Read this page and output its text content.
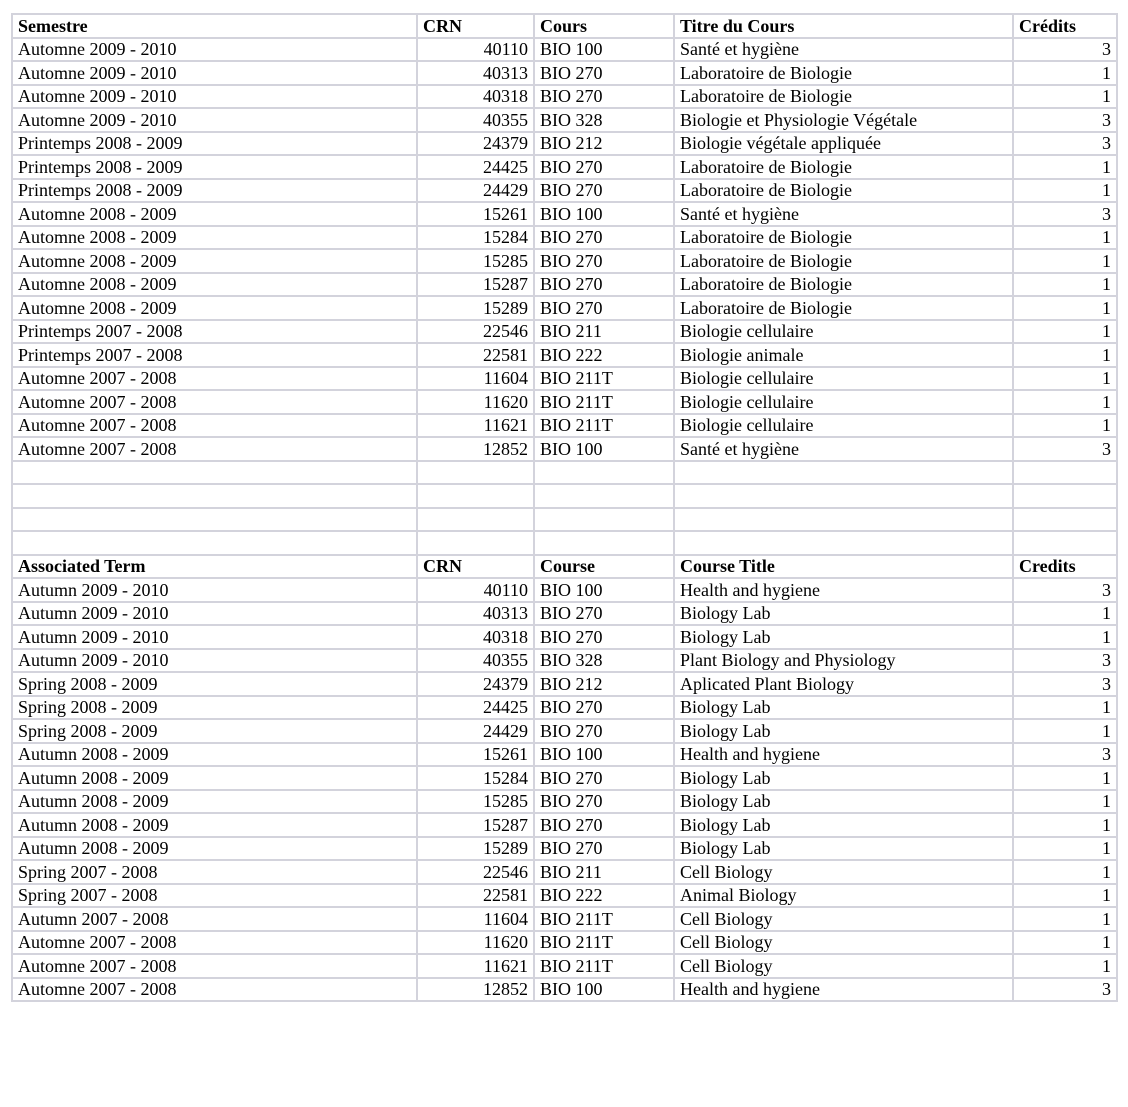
Semestre	CRN	Cours	Titre du Cours	Crédits
Automne 2009 - 2010	40110	BIO 100	Santé et hygiène	3
Automne 2009 - 2010	40313	BIO 270	Laboratoire de Biologie	1
Automne 2009 - 2010	40318	BIO 270	Laboratoire de Biologie	1
Automne 2009 - 2010	40355	BIO 328	Biologie et Physiologie Végétale	3
Printemps 2008 - 2009	24379	BIO 212	Biologie végétale appliquée	3
Printemps 2008 - 2009	24425	BIO 270	Laboratoire de Biologie	1
Printemps 2008 - 2009	24429	BIO 270	Laboratoire de Biologie	1
Automne 2008 - 2009	15261	BIO 100	Santé et hygiène	3
Automne 2008 - 2009	15284	BIO 270	Laboratoire de Biologie	1
Automne 2008 - 2009	15285	BIO 270	Laboratoire de Biologie	1
Automne 2008 - 2009	15287	BIO 270	Laboratoire de Biologie	1
Automne 2008 - 2009	15289	BIO 270	Laboratoire de Biologie	1
Printemps 2007 - 2008	22546	BIO 211	Biologie cellulaire	1
Printemps 2007 - 2008	22581	BIO 222	Biologie animale	1
Automne 2007 - 2008	11604	BIO 211T	Biologie cellulaire	1
Automne 2007 - 2008	11620	BIO 211T	Biologie cellulaire	1
Automne 2007 - 2008	11621	BIO 211T	Biologie cellulaire	1
Automne 2007 - 2008	12852	BIO 100	Santé et hygiène	3

Associated Term	CRN	Course	Course Title	Credits
Autumn 2009 - 2010	40110	BIO 100	Health and hygiene	3
Autumn 2009 - 2010	40313	BIO 270	Biology Lab	1
Autumn 2009 - 2010	40318	BIO 270	Biology Lab	1
Autumn 2009 - 2010	40355	BIO 328	Plant Biology and Physiology	3
Spring 2008 - 2009	24379	BIO 212	Aplicated Plant Biology	3
Spring 2008 - 2009	24425	BIO 270	Biology Lab	1
Spring 2008 - 2009	24429	BIO 270	Biology Lab	1
Autumn 2008 - 2009	15261	BIO 100	Health and hygiene	3
Autumn 2008 - 2009	15284	BIO 270	Biology Lab	1
Autumn 2008 - 2009	15285	BIO 270	Biology Lab	1
Autumn 2008 - 2009	15287	BIO 270	Biology Lab	1
Autumn 2008 - 2009	15289	BIO 270	Biology Lab	1
Spring 2007 - 2008	22546	BIO 211	Cell Biology	1
Spring 2007 - 2008	22581	BIO 222	Animal Biology	1
Autumn 2007 - 2008	11604	BIO 211T	Cell Biology	1
Automne 2007 - 2008	11620	BIO 211T	Cell Biology	1
Automne 2007 - 2008	11621	BIO 211T	Cell Biology	1
Automne 2007 - 2008	12852	BIO 100	Health and hygiene	3
